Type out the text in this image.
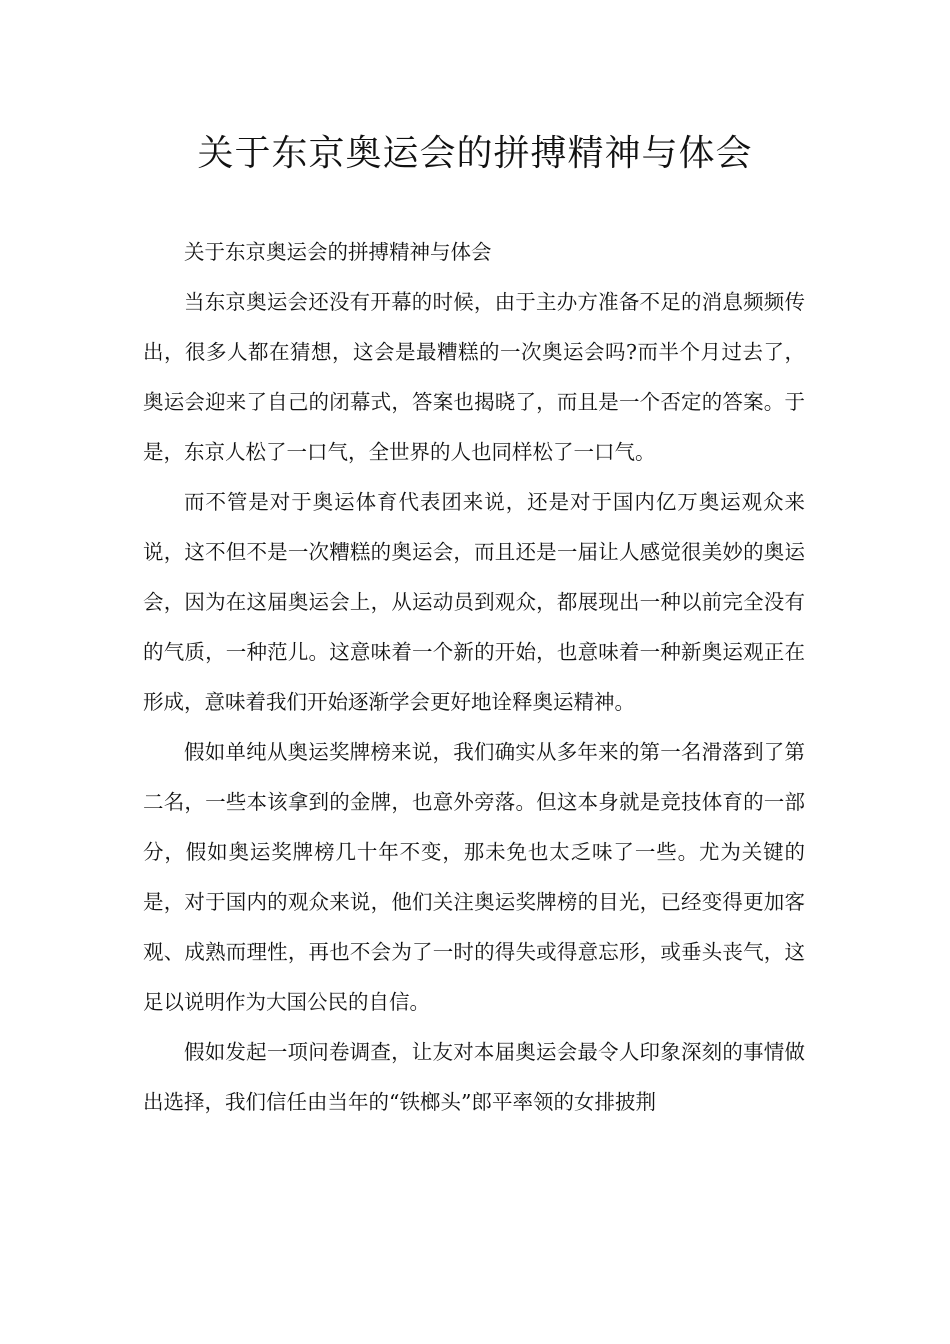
关于东京奥运会的拼搏精神与体会

关于东京奥运会的拼搏精神与体会

当东京奥运会还没有开幕的时候，由于主办方准备不足的消息频频传出，很多人都在猜想，这会是最糟糕的一次奥运会吗?而半个月过去了，奥运会迎来了自己的闭幕式，答案也揭晓了，而且是一个否定的答案。于是，东京人松了一口气，全世界的人也同样松了一口气。

而不管是对于奥运体育代表团来说，还是对于国内亿万奥运观众来说，这不但不是一次糟糕的奥运会，而且还是一届让人感觉很美妙的奥运会，因为在这届奥运会上，从运动员到观众，都展现出一种以前完全没有的气质，一种范儿。这意味着一个新的开始，也意味着一种新奥运观正在形成，意味着我们开始逐渐学会更好地诠释奥运精神。

假如单纯从奥运奖牌榜来说，我们确实从多年来的第一名滑落到了第二名，一些本该拿到的金牌，也意外旁落。但这本身就是竞技体育的一部分，假如奥运奖牌榜几十年不变，那未免也太乏味了一些。尤为关键的是，对于国内的观众来说，他们关注奥运奖牌榜的目光，已经变得更加客观、成熟而理性，再也不会为了一时的得失或得意忘形，或垂头丧气，这足以说明作为大国公民的自信。

假如发起一项问卷调查，让友对本届奥运会最令人印象深刻的事情做出选择，我们信任由当年的“铁榔头”郎平率领的女排披荆
